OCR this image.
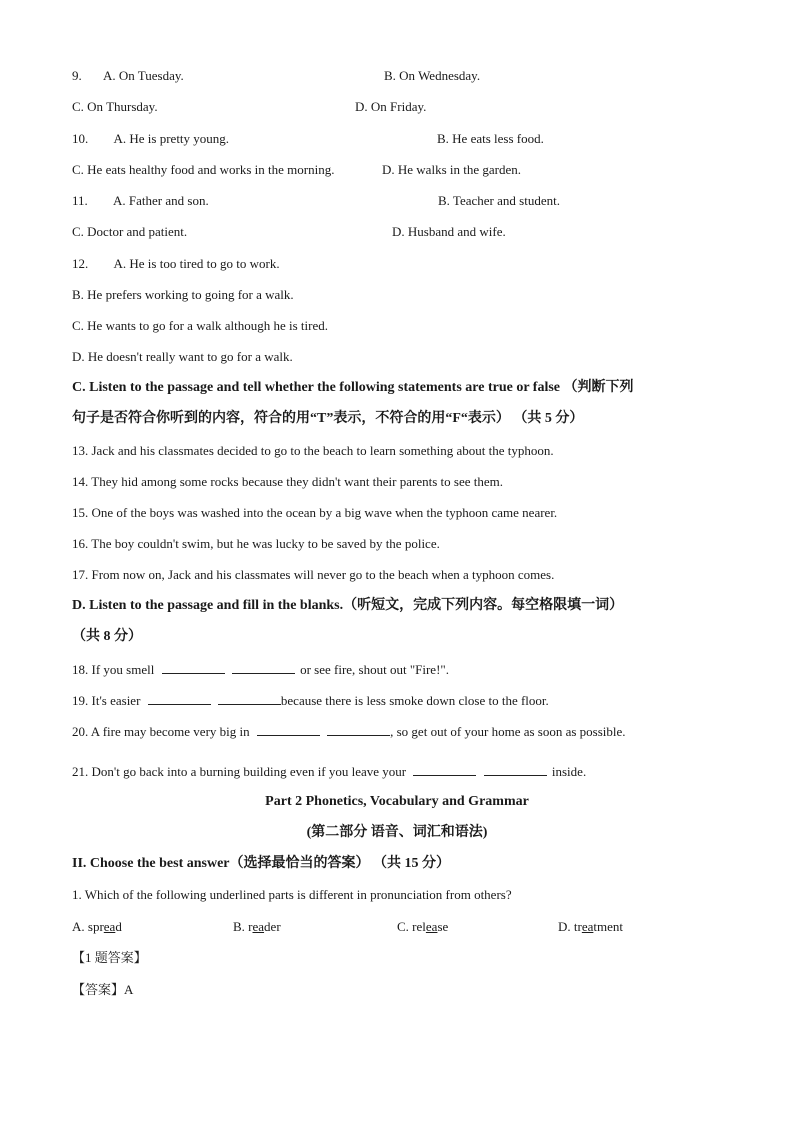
9. A. On Tuesday.	B. On Wednesday.
C. On Thursday.	D. On Friday.
10. A. He is pretty young.	B. He eats less food.
C. He eats healthy food and works in the morning.	D. He walks in the garden.
11. A. Father and son.	B. Teacher and student.
C. Doctor and patient.	D. Husband and wife.
12. A. He is too tired to go to work.
B. He prefers working to going for a walk.
C. He wants to go for a walk although he is tired.
D. He doesn't really want to go for a walk.
C. Listen to the passage and tell whether the following statements are true or false （判断下列
句子是否符合你听到的内容，符合的用“T”表示，不符合的用“F“表示） （共 5 分）
13. Jack and his classmates decided to go to the beach to learn something about the typhoon.
14. They hid among some rocks because they didn't want their parents to see them.
15. One of the boys was washed into the ocean by a big wave when the typhoon came nearer.
16. The boy couldn't swim, but he was lucky to be saved by the police.
17. From now on, Jack and his classmates will never go to the beach when a typhoon comes.
D. Listen to the passage and fill in the blanks.（听短文，完成下列内容。每空格限填一词）
（共 8 分）
18. If you smell	or see fire, shout out "Fire!".
19. It's easier	because there is less smoke down close to the floor.
20. A fire may become very big in	, so get out of your home as soon as possible.
21. Don't go back into a burning building even if you leave your	inside.
Part 2 Phonetics, Vocabulary and Grammar
(第二部分 语音、词汇和语法)
II. Choose the best answer（选择最恰当的答案） （共 15 分）
1. Which of the following underlined parts is different in pronunciation from others?
A. spread	B. reader	C. release	D. treatment
【1 题答案】
【答案】A
